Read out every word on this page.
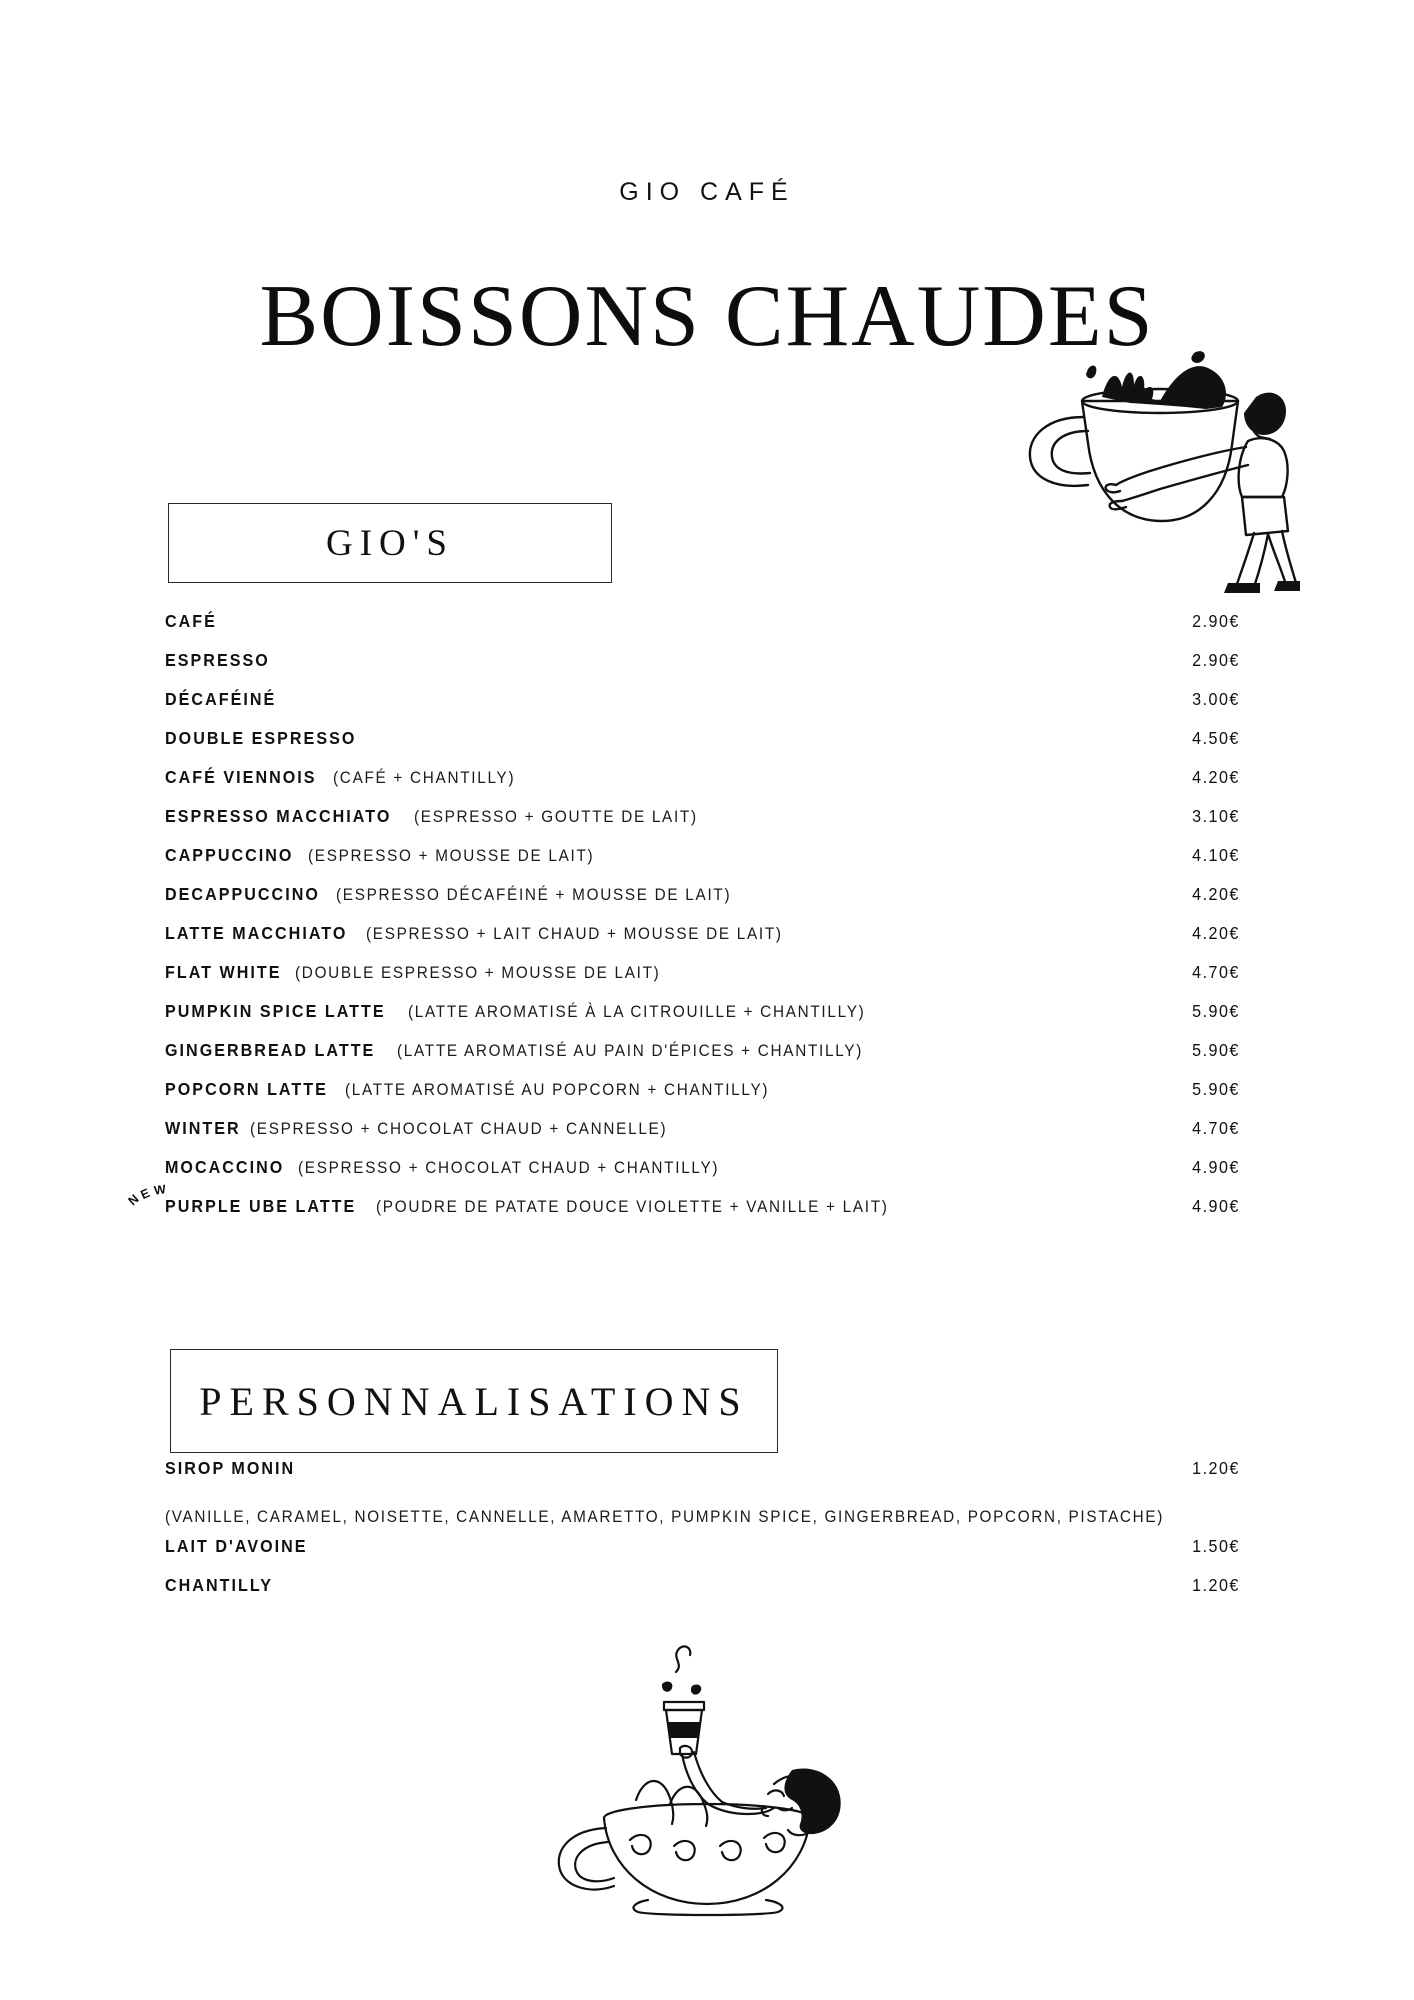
GIO CAFÉ
BOISSONS CHAUDES
GIO'S
CAFÉ	2.90€
ESPRESSO	2.90€
DÉCAFÉINÉ	3.00€
DOUBLE ESPRESSO	4.50€
CAFÉ VIENNOIS (CAFÉ + CHANTILLY)	4.20€
ESPRESSO MACCHIATO (ESPRESSO + GOUTTE DE LAIT)	3.10€
CAPPUCCINO (ESPRESSO + MOUSSE DE LAIT)	4.10€
DECAPPUCCINO (ESPRESSO DÉCAFÉINÉ + MOUSSE DE LAIT)	4.20€
LATTE MACCHIATO (ESPRESSO + LAIT CHAUD + MOUSSE DE LAIT)	4.20€
FLAT WHITE (DOUBLE ESPRESSO + MOUSSE DE LAIT)	4.70€
PUMPKIN SPICE LATTE (LATTE AROMATISÉ À LA CITROUILLE + CHANTILLY)	5.90€
GINGERBREAD LATTE (LATTE AROMATISÉ AU PAIN D'ÉPICES + CHANTILLY)	5.90€
POPCORN LATTE (LATTE AROMATISÉ AU POPCORN + CHANTILLY)	5.90€
WINTER (ESPRESSO + CHOCOLAT CHAUD + CANNELLE)	4.70€
MOCACCINO (ESPRESSO + CHOCOLAT CHAUD + CHANTILLY)	4.90€
N
E W
PURPLE UBE LATTE (POUDRE DE PATATE DOUCE VIOLETTE + VANILLE + LAIT)	4.90€
PERSONNALISATIONS
SIROP MONIN	1.20€
(VANILLE, CARAMEL, NOISETTE, CANNELLE, AMARETTO, PUMPKIN SPICE, GINGERBREAD, POPCORN, PISTACHE)
LAIT D'AVOINE	1.50€
CHANTILLY	1.20€
